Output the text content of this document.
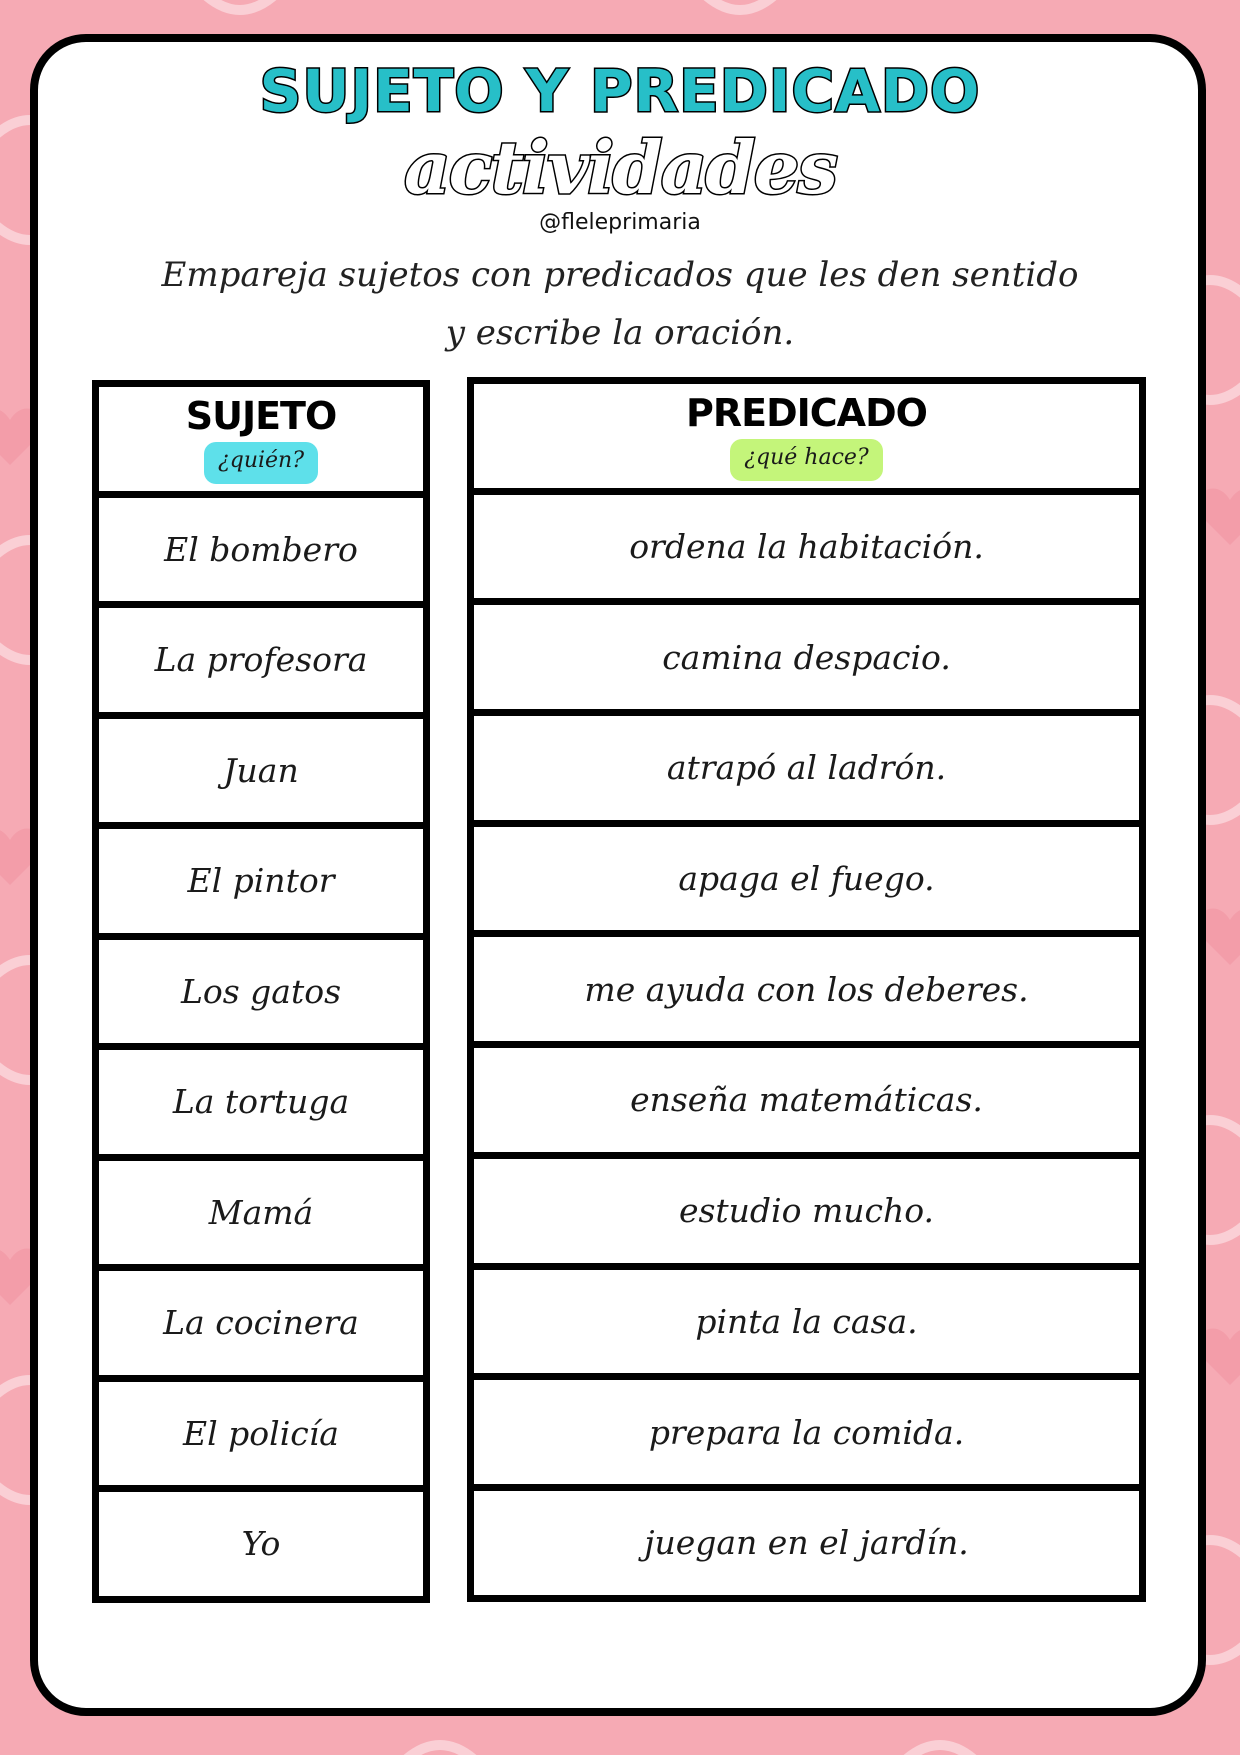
SUJETO Y PREDICADO
actividades
@fleleprimaria
Empareja sujetos con predicados que les den sentido
y escribe la oración.
SUJETO
¿quién?
El bombero
La profesora
Juan
El pintor
Los gatos
La tortuga
Mamá
La cocinera
El policía
Yo
PREDICADO
¿qué hace?
ordena la habitación.
camina despacio.
atrapó al ladrón.
apaga el fuego.
me ayuda con los deberes.
enseña matemáticas.
estudio mucho.
pinta la casa.
prepara la comida.
juegan en el jardín.
